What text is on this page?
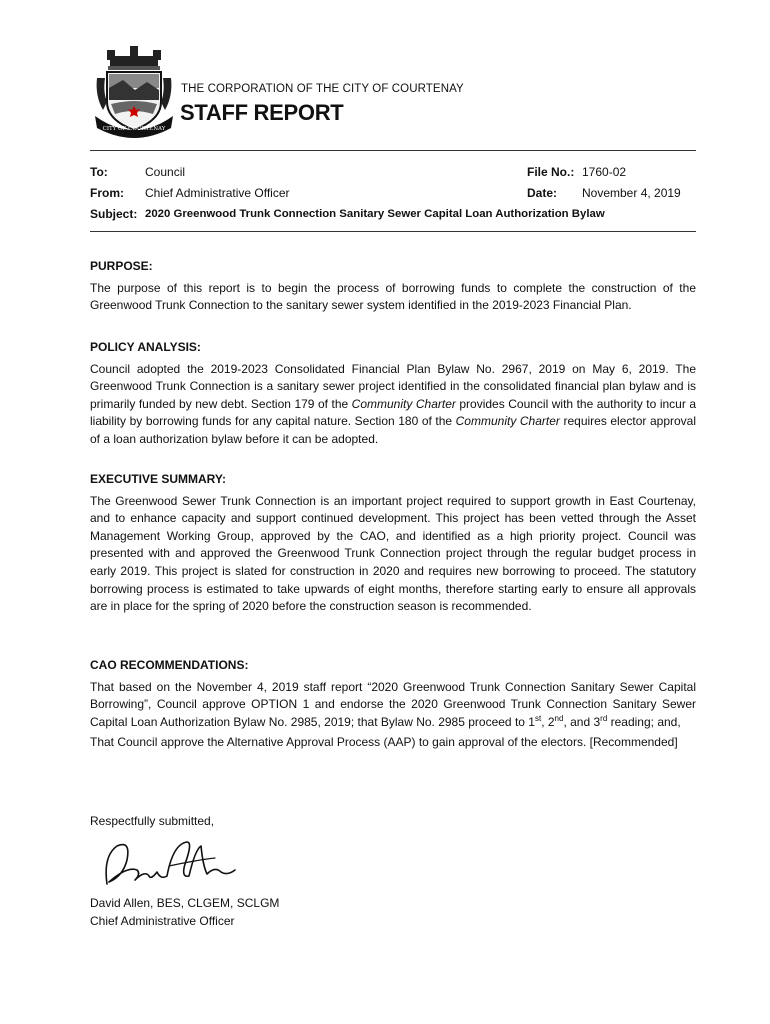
CITY OF COURTENAY
THE CORPORATION OF THE CITY OF COURTENAY
STAFF REPORT
To:	Council	File No.: 1760-02
From: Chief Administrative Officer	Date: November 4, 2019
Subject: 2020 Greenwood Trunk Connection Sanitary Sewer Capital Loan Authorization Bylaw
PURPOSE:

The purpose of this report is to begin the process of borrowing funds to complete the construction of the Greenwood Trunk Connection to the sanitary sewer system identified in the 2019-2023 Financial Plan.

POLICY ANALYSIS:

Council adopted the 2019-2023 Consolidated Financial Plan Bylaw No. 2967, 2019 on May 6, 2019. The Greenwood Trunk Connection is a sanitary sewer project identified in the consolidated financial plan bylaw and is primarily funded by new debt. Section 179 of the Community Charter provides Council with the authority to incur a liability by borrowing funds for any capital nature. Section 180 of the Community Charter requires elector approval of a loan authorization bylaw before it can be adopted.

EXECUTIVE SUMMARY:

The Greenwood Sewer Trunk Connection is an important project required to support growth in East Courtenay, and to enhance capacity and support continued development. This project has been vetted through the Asset Management Working Group, approved by the CAO, and identified as a high priority project. Council was presented with and approved the Greenwood Trunk Connection project through the regular budget process in early 2019. This project is slated for construction in 2020 and requires new borrowing to proceed. The statutory borrowing process is estimated to take upwards of eight months, therefore starting early to ensure all approvals are in place for the spring of 2020 before the construction season is recommended.

CAO RECOMMENDATIONS:

That based on the November 4, 2019 staff report “2020 Greenwood Trunk Connection Sanitary Sewer Capital Borrowing”, Council approve OPTION 1 and endorse the 2020 Greenwood Trunk Connection Sanitary Sewer Capital Loan Authorization Bylaw No. 2985, 2019; that Bylaw No. 2985 proceed to 1st, 2nd, and 3rd reading; and,

That Council approve the Alternative Approval Process (AAP) to gain approval of the electors. [Recommended]

Respectfully submitted,
David Allen, BES, CLGEM, SCLGM
Chief Administrative Officer
